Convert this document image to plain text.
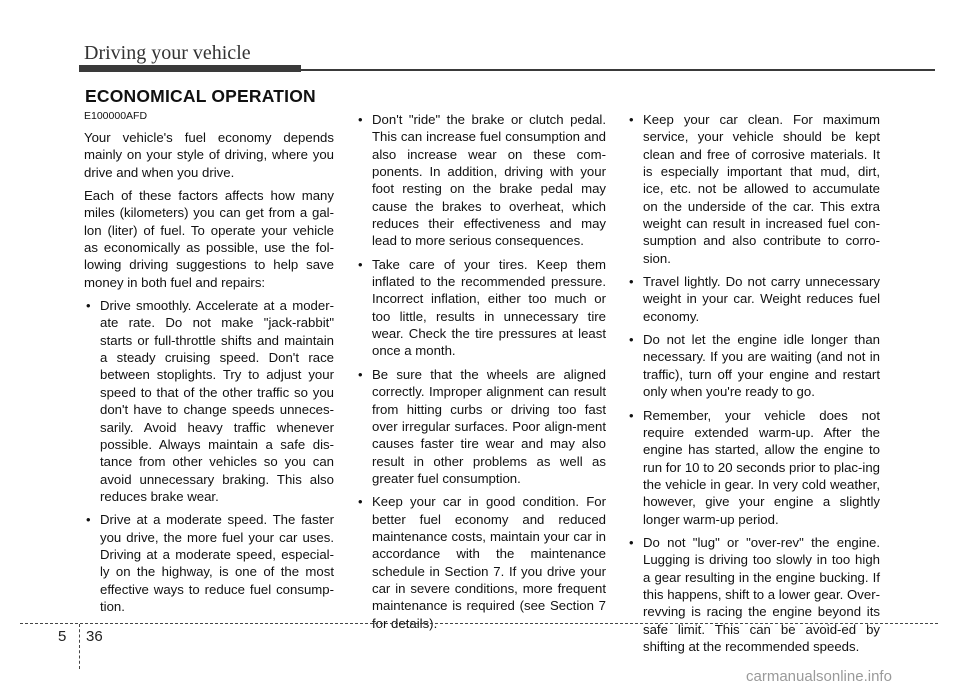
Driving your vehicle
ECONOMICAL OPERATION
E100000AFD

Your vehicle's fuel economy depends mainly on your style of driving, where you drive and when you drive.

Each of these factors affects how many miles (kilometers) you can get from a gal-lon (liter) of fuel. To operate your vehicle as economically as possible, use the fol-lowing driving suggestions to help save money in both fuel and repairs:

• Drive smoothly. Accelerate at a moder-ate rate. Do not make "jack-rabbit" starts or full-throttle shifts and maintain a steady cruising speed. Don't race between stoplights. Try to adjust your speed to that of the other traffic so you don't have to change speeds unneces-sarily. Avoid heavy traffic whenever possible. Always maintain a safe dis-tance from other vehicles so you can avoid unnecessary braking. This also reduces brake wear.
• Drive at a moderate speed. The faster you drive, the more fuel your car uses. Driving at a moderate speed, especial-ly on the highway, is one of the most effective ways to reduce fuel consump-tion.
• Don't "ride" the brake or clutch pedal. This can increase fuel consumption and also increase wear on these com-ponents. In addition, driving with your foot resting on the brake pedal may cause the brakes to overheat, which reduces their effectiveness and may lead to more serious consequences.
• Take care of your tires. Keep them inflated to the recommended pressure. Incorrect inflation, either too much or too little, results in unnecessary tire wear. Check the tire pressures at least once a month.
• Be sure that the wheels are aligned correctly. Improper alignment can result from hitting curbs or driving too fast over irregular surfaces. Poor align-ment causes faster tire wear and may also result in other problems as well as greater fuel consumption.
• Keep your car in good condition. For better fuel economy and reduced maintenance costs, maintain your car in accordance with the maintenance schedule in Section 7. If you drive your car in severe conditions, more frequent maintenance is required (see Section 7 for details).
• Keep your car clean. For maximum service, your vehicle should be kept clean and free of corrosive materials. It is especially important that mud, dirt, ice, etc. not be allowed to accumulate on the underside of the car. This extra weight can result in increased fuel con-sumption and also contribute to corro-sion.
• Travel lightly. Do not carry unnecessary weight in your car. Weight reduces fuel economy.
• Do not let the engine idle longer than necessary. If you are waiting (and not in traffic), turn off your engine and restart only when you're ready to go.
• Remember, your vehicle does not require extended warm-up. After the engine has started, allow the engine to run for 10 to 20 seconds prior to plac-ing the vehicle in gear. In very cold weather, however, give your engine a slightly longer warm-up period.
• Do not "lug" or "over-rev" the engine. Lugging is driving too slowly in too high a gear resulting in the engine bucking. If this happens, shift to a lower gear. Over-revving is racing the engine beyond its safe limit. This can be avoid-ed by shifting at the recommended speeds.
5 36
carmanualsonline.info
